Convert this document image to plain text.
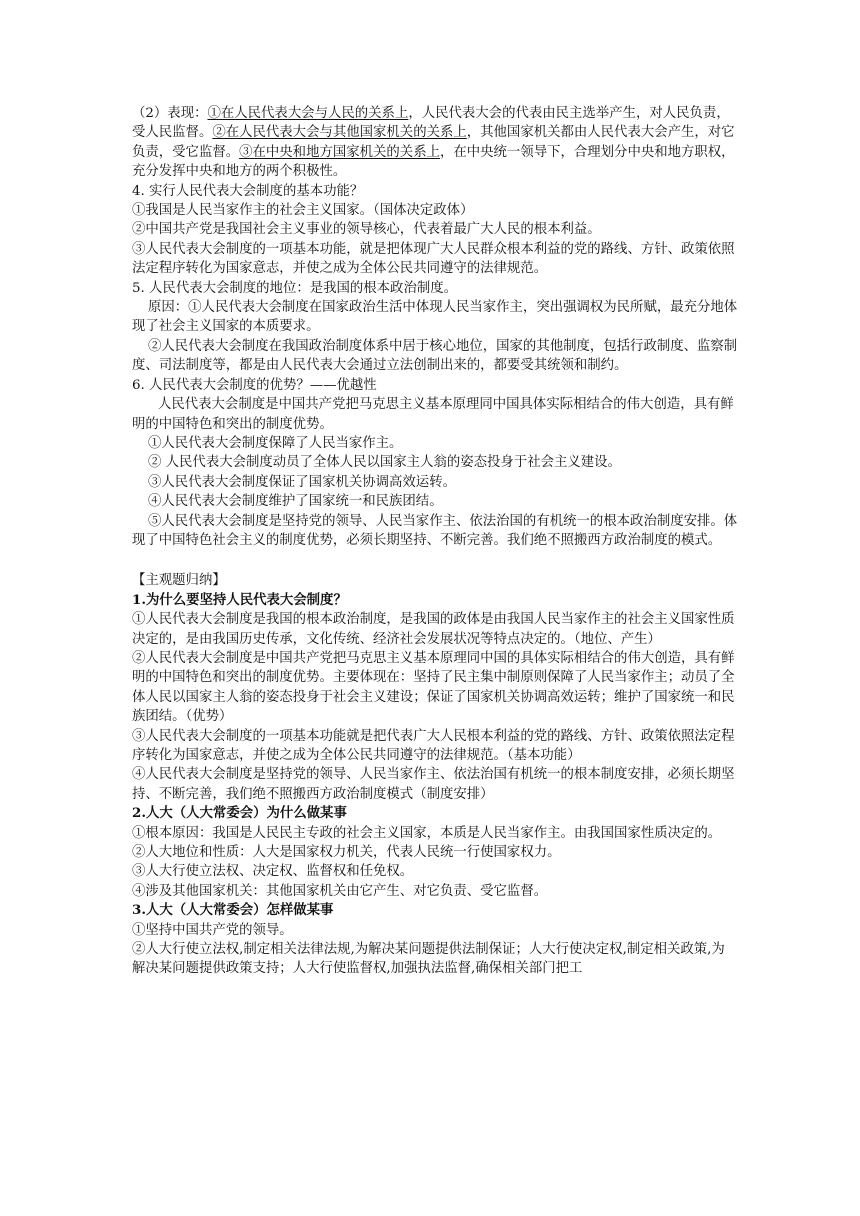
（2）表现：①在人民代表大会与人民的关系上，人民代表大会的代表由民主选举产生，对人民负责，受人民监督。②在人民代表大会与其他国家机关的关系上，其他国家机关都由人民代表大会产生，对它负责，受它监督。③在中央和地方国家机关的关系上，在中央统一领导下，合理划分中央和地方职权，充分发挥中央和地方的两个积极性。

4. 实行人民代表大会制度的基本功能？

①我国是人民当家作主的社会主义国家。（国体决定政体）

②中国共产党是我国社会主义事业的领导核心，代表着最广大人民的根本利益。

③人民代表大会制度的一项基本功能，就是把体现广大人民群众根本利益的党的路线、方针、政策依照法定程序转化为国家意志，并使之成为全体公民共同遵守的法律规范。

5. 人民代表大会制度的地位：是我国的根本政治制度。

原因：①人民代表大会制度在国家政治生活中体现人民当家作主，突出强调权为民所赋，最充分地体现了社会主义国家的本质要求。

②人民代表大会制度在我国政治制度体系中居于核心地位，国家的其他制度，包括行政制度、监察制度、司法制度等，都是由人民代表大会通过立法创制出来的，都要受其统领和制约。

6. 人民代表大会制度的优势？——优越性

人民代表大会制度是中国共产党把马克思主义基本原理同中国具体实际相结合的伟大创造，具有鲜明的中国特色和突出的制度优势。

①人民代表大会制度保障了人民当家作主。

② 人民代表大会制度动员了全体人民以国家主人翁的姿态投身于社会主义建设。

③人民代表大会制度保证了国家机关协调高效运转。

④人民代表大会制度维护了国家统一和民族团结。

⑤人民代表大会制度是坚持党的领导、人民当家作主、依法治国的有机统一的根本政治制度安排。体现了中国特色社会主义的制度优势，必须长期坚持、不断完善。我们绝不照搬西方政治制度的模式。

【主观题归纳】

1.为什么要坚持人民代表大会制度？

①人民代表大会制度是我国的根本政治制度，是我国的政体是由我国人民当家作主的社会主义国家性质决定的，是由我国历史传承，文化传统、经济社会发展状况等特点决定的。（地位、产生）

②人民代表大会制度是中国共产党把马克思主义基本原理同中国的具体实际相结合的伟大创造，具有鲜明的中国特色和突出的制度优势。主要体现在：坚持了民主集中制原则保障了人民当家作主；动员了全体人民以国家主人翁的姿态投身于社会主义建设；保证了国家机关协调高效运转；维护了国家统一和民族团结。（优势）

③人民代表大会制度的一项基本功能就是把代表广大人民根本利益的党的路线、方针、政策依照法定程序转化为国家意志，并使之成为全体公民共同遵守的法律规范。（基本功能）

④人民代表大会制度是坚持党的领导、人民当家作主、依法治国有机统一的根本制度安排，必须长期坚持、不断完善，我们绝不照搬西方政治制度模式（制度安排）

2.人大（人大常委会）为什么做某事

①根本原因：我国是人民民主专政的社会主义国家，本质是人民当家作主。由我国国家性质决定的。

②人大地位和性质：人大是国家权力机关，代表人民统一行使国家权力。

③人大行使立法权、决定权、监督权和任免权。

④涉及其他国家机关：其他国家机关由它产生、对它负责、受它监督。

3.人大（人大常委会）怎样做某事

①坚持中国共产党的领导。

②人大行使立法权,制定相关法律法规,为解决某问题提供法制保证；人大行使决定权,制定相关政策,为解决某问题提供政策支持；人大行使监督权,加强执法监督,确保相关部门把工
